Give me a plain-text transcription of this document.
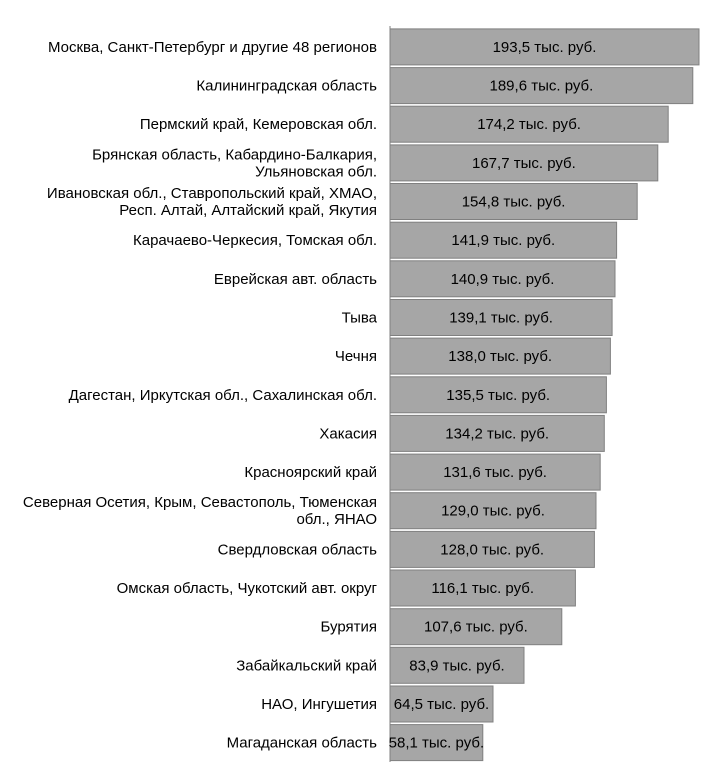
Москва, Санкт-Петербург и другие 48 регионов
Калининградская область
Пермский край, Кемеровская обл.
Брянская область, Кабардино-Балкария, Ульяновская обл.
Ивановская обл., Ставропольский край, ХМАО, Респ. Алтай, Алтайский край, Якутия
Карачаево-Черкесия, Томская обл.
Еврейская авт. область
Тыва
Чечня
Дагестан, Иркутская обл., Сахалинская обл.
Хакасия
Красноярский край
Северная Осетия, Крым, Севастополь, Тюменская обл., ЯНАО
Свердловская область
Омская область, Чукотский авт. округ
Бурятия
Забайкальский край
НАО, Ингушетия
Магаданская область
193,5 тыс. руб.
189,6 тыс. руб.
174,2 тыс. руб.
167,7 тыс. руб.
154,8 тыс. руб.
141,9 тыс. руб.
140,9 тыс. руб.
139,1 тыс. руб.
138,0 тыс. руб.
135,5 тыс. руб.
134,2 тыс. руб.
131,6 тыс. руб.
129,0 тыс. руб.
128,0 тыс. руб.
116,1 тыс. руб.
107,6 тыс. руб.
83,9 тыс. руб.
64,5 тыс. руб.
58,1 тыс. руб.
